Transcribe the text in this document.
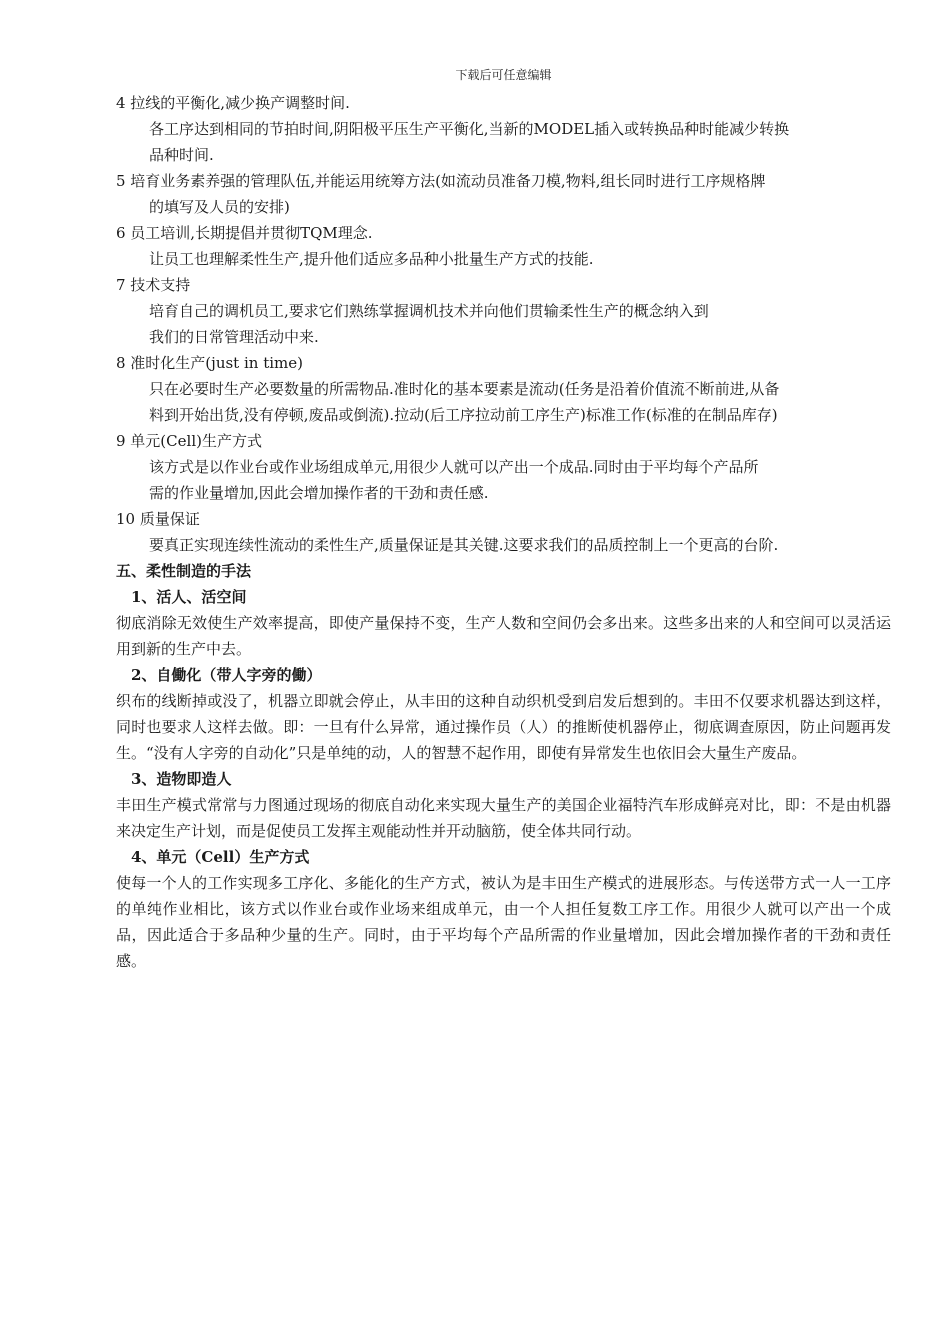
下载后可任意编辑
4 拉线的平衡化,减少换产调整时间.
各工序达到相同的节拍时间,阴阳极平压生产平衡化,当新的MODEL插入或转换品种时能减少转换
品种时间.
5 培育业务素养强的管理队伍,并能运用统筹方法(如流动员准备刀模,物料,组长同时进行工序规格牌
的填写及人员的安排)
6 员工培训,长期提倡并贯彻TQM理念.
让员工也理解柔性生产,提升他们适应多品种小批量生产方式的技能.
7 技术支持
培育自己的调机员工,要求它们熟练掌握调机技术并向他们贯输柔性生产的概念纳入到
我们的日常管理活动中来.
8 准时化生产(just in time)
只在必要时生产必要数量的所需物品.准时化的基本要素是流动(任务是沿着价值流不断前进,从备
料到开始出货,没有停顿,废品或倒流).拉动(后工序拉动前工序生产)标准工作(标准的在制品库存)
9 单元(Cell)生产方式
该方式是以作业台或作业场组成单元,用很少人就可以产出一个成品.同时由于平均每个产品所
需的作业量增加,因此会增加操作者的干劲和责任感.
10 质量保证
要真正实现连续性流动的柔性生产,质量保证是其关键.这要求我们的品质控制上一个更高的台阶.
五、柔性制造的手法
1、活人、活空间
彻底消除无效使生产效率提高，即使产量保持不变，生产人数和空间仍会多出来。这些多出来的人和空间可以灵活运用到新的生产中去。
2、自働化（带人字旁的働）
织布的线断掉或没了，机器立即就会停止，从丰田的这种自动织机受到启发后想到的。丰田不仅要求机器达到这样，同时也要求人这样去做。即：一旦有什么异常，通过操作员（人）的推断使机器停止，彻底调查原因，防止问题再发生。“没有人字旁的自动化”只是单纯的动，人的智慧不起作用，即使有异常发生也依旧会大量生产废品。
3、造物即造人
丰田生产模式常常与力图通过现场的彻底自动化来实现大量生产的美国企业福特汽车形成鲜亮对比，即：不是由机器来决定生产计划，而是促使员工发挥主观能动性并开动脑筋，使全体共同行动。
4、单元（Cell）生产方式
使每一个人的工作实现多工序化、多能化的生产方式，被认为是丰田生产模式的进展形态。与传送带方式一人一工序的单纯作业相比，该方式以作业台或作业场来组成单元，由一个人担任复数工序工作。用很少人就可以产出一个成品，因此适合于多品种少量的生产。同时，由于平均每个产品所需的作业量增加，因此会增加操作者的干劲和责任感。
